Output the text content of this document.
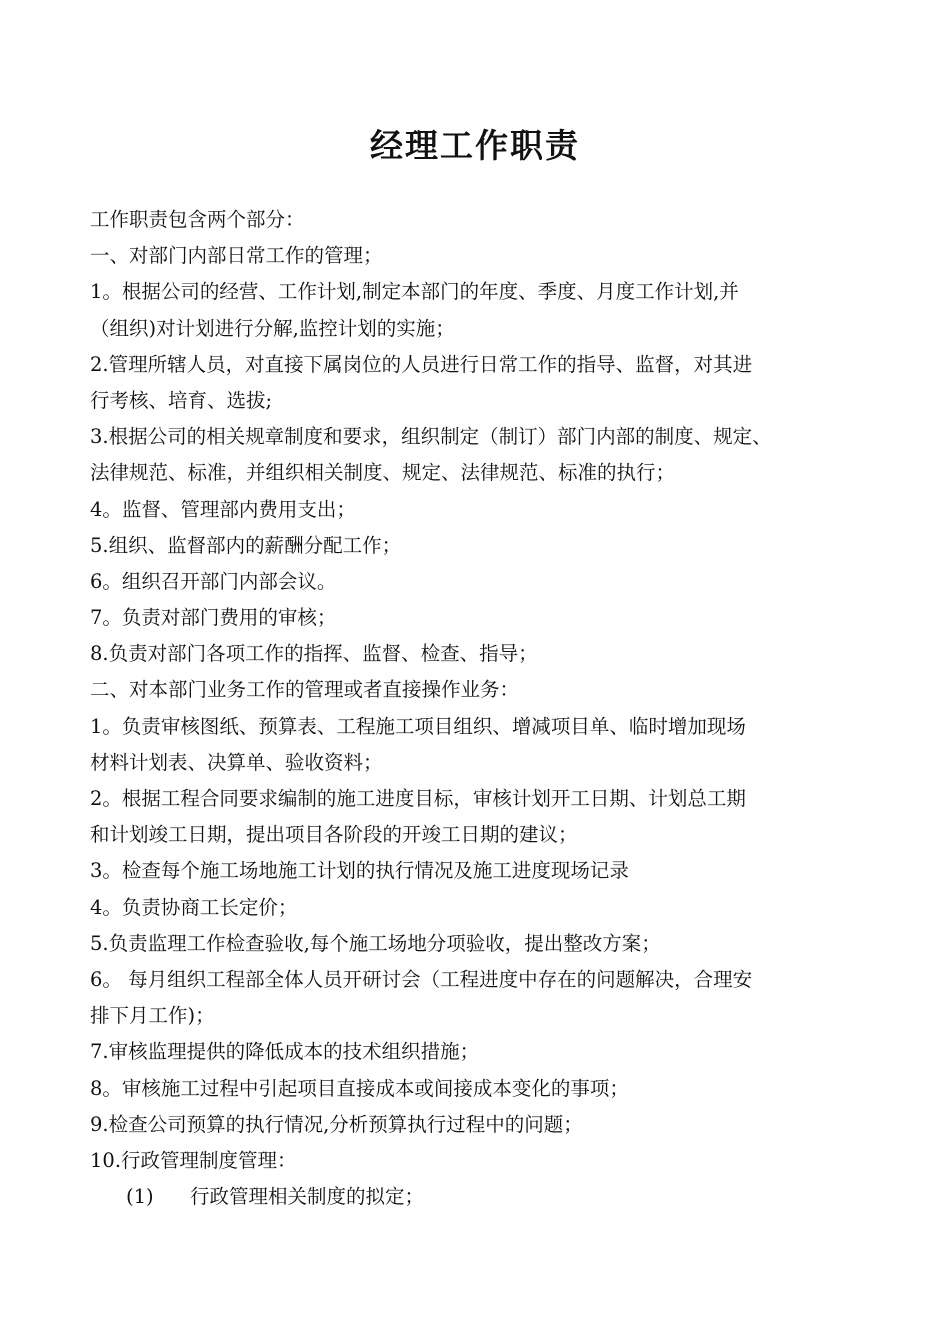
经理工作职责
工作职责包含两个部分：
一、对部门内部日常工作的管理；
1。根据公司的经营、工作计划,制定本部门的年度、季度、月度工作计划,并
（组织)对计划进行分解,监控计划的实施；
2.管理所辖人员，对直接下属岗位的人员进行日常工作的指导、监督，对其进
行考核、培育、选拔;
3.根据公司的相关规章制度和要求，组织制定（制订）部门内部的制度、规定、
法律规范、标准，并组织相关制度、规定、法律规范、标准的执行；
4。监督、管理部内费用支出；
5.组织、监督部内的薪酬分配工作；
6。组织召开部门内部会议。
7。负责对部门费用的审核；
8.负责对部门各项工作的指挥、监督、检查、指导；
二、对本部门业务工作的管理或者直接操作业务：
1。负责审核图纸、预算表、工程施工项目组织、增减项目单、临时增加现场
材料计划表、决算单、验收资料；
2。根据工程合同要求编制的施工进度目标，审核计划开工日期、计划总工期
和计划竣工日期，提出项目各阶段的开竣工日期的建议；
3。检查每个施工场地施工计划的执行情况及施工进度现场记录
4。负责协商工长定价；
5.负责监理工作检查验收,每个施工场地分项验收，提出整改方案；
6。 每月组织工程部全体人员开研讨会（工程进度中存在的问题解决，合理安
排下月工作)；
7.审核监理提供的降低成本的技术组织措施；
8。审核施工过程中引起项目直接成本或间接成本变化的事项；
9.检查公司预算的执行情况,分析预算执行过程中的问题；
10.行政管理制度管理：
(1) 行政管理相关制度的拟定；
